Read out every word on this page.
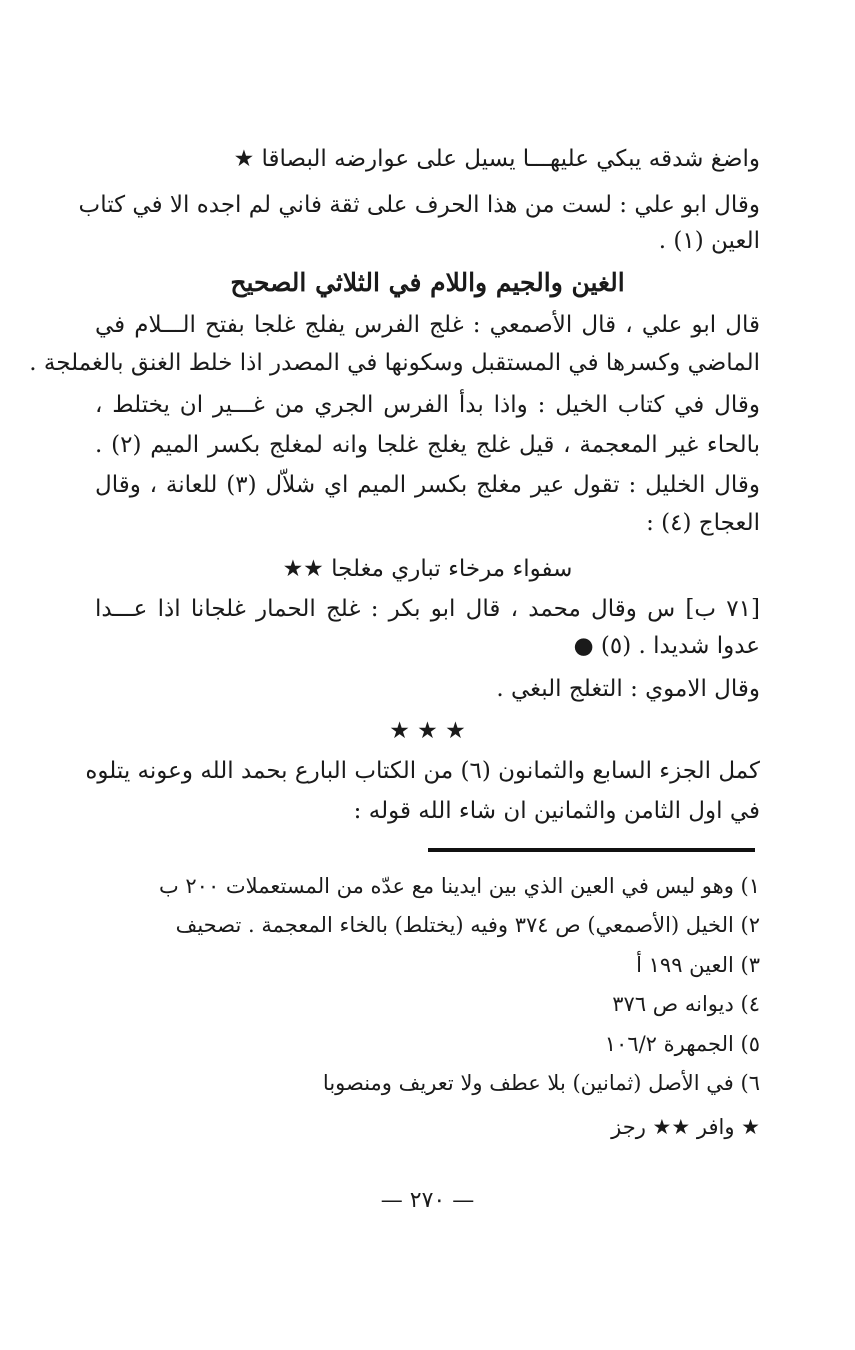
واضغ شدقه يبكي عليهـــا يسيل على عوارضه البصاقا ★
وقال ابو علي : لست من هذا الحرف على ثقة فاني لم اجده الا في كتاب
العين (١) .
الغين والجيم واللام في الثلاثي الصحيح
قال ابو علي ، قال الأصمعي : غلج الفرس يفلج غلجا بفتح الـــلام في
الماضي وكسرها في المستقبل وسكونها في المصدر اذا خلط الغنق بالغملجة .
وقال في كتاب الخيل : واذا بدأ الفرس الجري من غـــير ان يختلط ،
بالحاء غير المعجمة ، قيل غلج يغلج غلجا وانه لمغلج بكسر الميم (٢) .
وقال الخليل : تقول عير مغلج بكسر الميم اي شلاّل (٣) للعانة ، وقال
العجاج (٤) :
سفواء مرخاء تباري مغلجا ★★
[٧١ ب] س وقال محمد ، قال ابو بكر : غلج الحمار غلجانا اذا عـــدا
عدوا شديدا . (٥) ●
وقال الاموي : التغلج البغي .
★ ★ ★
كمل الجزء السابع والثمانون (٦) من الكتاب البارع بحمد الله وعونه يتلوه
في اول الثامن والثمانين ان شاء الله قوله :
١) وهو ليس في العين الذي بين ايدينا مع عدّه من المستعملات ٢٠٠ ب
٢) الخيل (الأصمعي) ص ٣٧٤ وفيه (يختلط) بالخاء المعجمة . تصحيف
٣) العين ١٩٩ أ
٤) ديوانه ص ٣٧٦
٥) الجمهرة ١٠٦/٢
٦) في الأصل (ثمانين) بلا عطف ولا تعريف ومنصوبا
★ وافر ★★ رجز
— ٢٧٠ —
